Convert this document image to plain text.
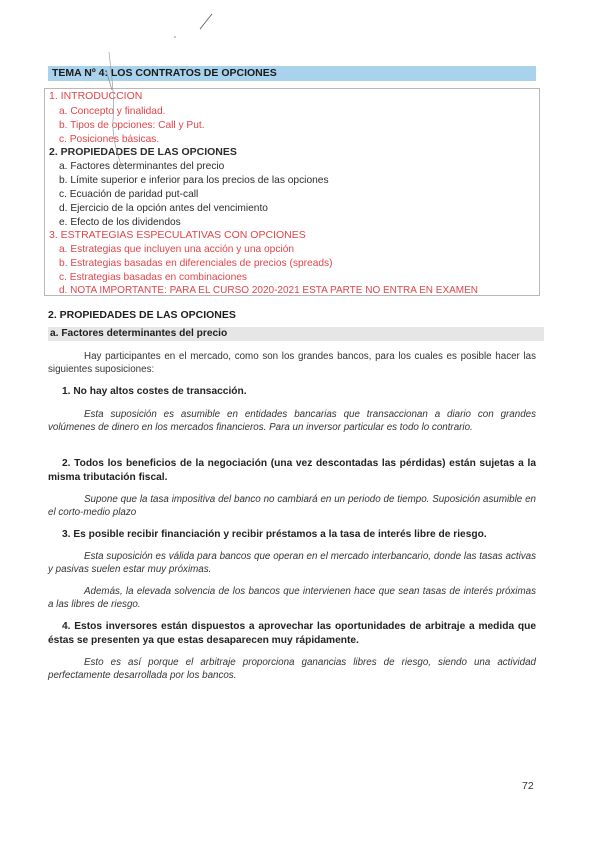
TEMA Nº 4: LOS CONTRATOS DE OPCIONES
1. INTRODUCCION
a. Concepto y finalidad.
b. Tipos de opciones: Call y Put.
c. Posiciones básicas.
2. PROPIEDADES DE LAS OPCIONES
a. Factores determinantes del precio
b. Límite superior e inferior para los precios de las opciones
c. Ecuación de paridad put-call
d. Ejercicio de la opción antes del vencimiento
e. Efecto de los dividendos
3. ESTRATEGIAS ESPECULATIVAS CON OPCIONES
a. Estrategias que incluyen una acción y una opción
b. Estrategias basadas en diferenciales de precios (spreads)
c. Estrategias basadas en combinaciones
d. NOTA IMPORTANTE: PARA EL CURSO 2020-2021 ESTA PARTE NO ENTRA EN EXAMEN
2. PROPIEDADES DE LAS OPCIONES
a. Factores determinantes del precio
Hay participantes en el mercado, como son los grandes bancos, para los cuales es posible hacer las siguientes suposiciones:
1. No hay altos costes de transacción.
Esta suposición es asumible en entidades bancarias que transaccionan a diario con grandes volúmenes de dinero en los mercados financieros. Para un inversor particular es todo lo contrario.
2. Todos los beneficios de la negociación (una vez descontadas las pérdidas) están sujetas a la misma tributación fiscal.
Supone que la tasa impositiva del banco no cambiará en un periodo de tiempo. Suposición asumible en el corto-medio plazo
3. Es posible recibir financiación y recibir préstamos a la tasa de interés libre de riesgo.
Esta suposición es válida para bancos que operan en el mercado interbancario, donde las tasas activas y pasivas suelen estar muy próximas.
Además, la elevada solvencia de los bancos que intervienen hace que sean tasas de interés próximas a las libres de riesgo.
4. Estos inversores están dispuestos a aprovechar las oportunidades de arbitraje a medida que éstas se presenten ya que estas desaparecen muy rápidamente.
Esto es así porque el arbitraje proporciona ganancias libres de riesgo, siendo una actividad perfectamente desarrollada por los bancos.
72
